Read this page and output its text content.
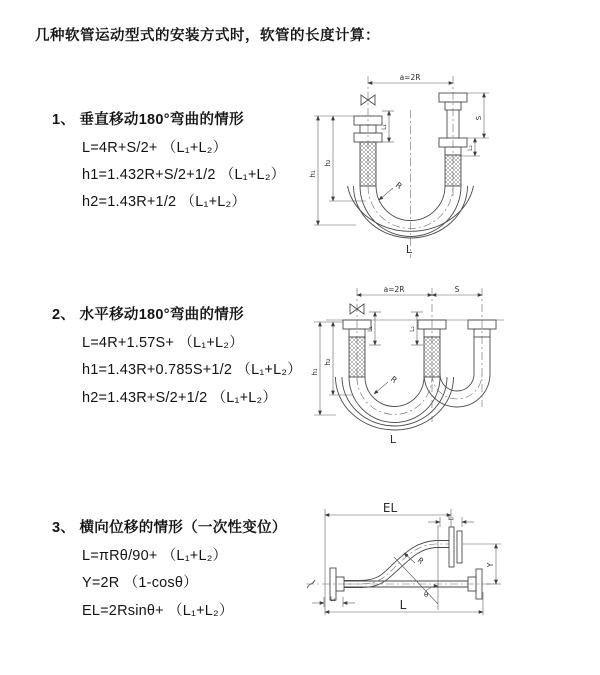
几种软管运动型式的安装方式时，软管的长度计算：
1、 垂直移动180°弯曲的情形
L=4R+S/2+ （L₁+L₂）
h1=1.432R+S/2+1/2 （L₁+L₂）
h2=1.43R+1/2 （L₁+L₂）
2、 水平移动180°弯曲的情形
L=4R+1.57S+ （L₁+L₂）
h1=1.43R+0.785S+1/2 （L₁+L₂）
h2=1.43R+S/2+1/2 （L₁+L₂）
3、 横向位移的情形（一次性变位）
L=πRθ/90+ （L₁+L₂）
Y=2R （1-cosθ）
EL=2Rsinθ+ （L₁+L₂）
a=2R
h₁
h₂
L₁
S
L₂
R
L
a=2R	S
h₁
h₂
L₁	L₂
R
L
EL
L₂
Y
θ
R
L
L₁
